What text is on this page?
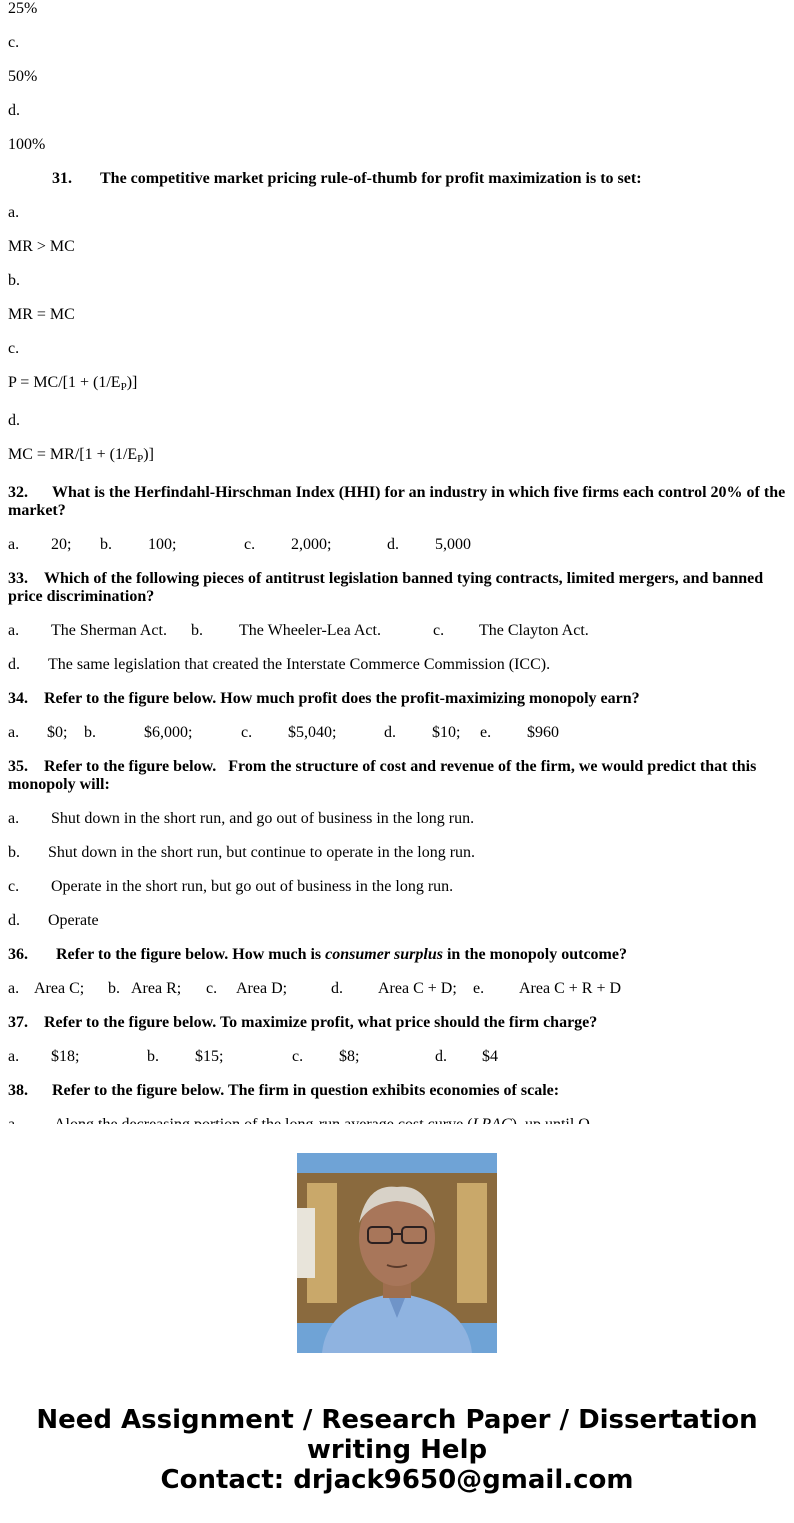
25%
c.
50%
d.
100%
31. The competitive market pricing rule-of-thumb for profit maximization is to set:
a.
MR > MC
b.
MR = MC
c.
$P = MC/[1 + (1/E_P)]$
d.
MC = $MR/[1 + (1/E_P)]$
32. What is the Herfindahl-Hirschman Index (HHI) for an industry in which five firms each control 20% of the market?
a. 20; b. 100;	c. 2,000;	d. 5,000
33. Which of the following pieces of antitrust legislation banned tying contracts, limited mergers, and banned price discrimination?
a. The Sherman Act. b. The Wheeler-Lea Act.	c. The Clayton Act.
d. The same legislation that created the Interstate Commerce Commission (ICC).
34. Refer to the figure below. How much profit does the profit-maximizing monopoly earn?
a. $0; b.	$6,000;	c. $5,040;	d. $10; e. $960
35. Refer to the figure below.   From the structure of cost and revenue of the firm, we would predict that this monopoly will:
a. Shut down in the short run, and go out of business in the long run.
b. Shut down in the short run, but continue to operate in the long run.
c. Operate in the short run, but go out of business in the long run.
d. Operate
36. Refer to the figure below. How much is consumer surplus in the monopoly outcome?
a. Area C; b. Area R; c. Area D;	d. Area C + D; e. Area C + R + D
37. Refer to the figure below. To maximize profit, what price should the firm charge?
a. $18;	b. $15;	c. $8;	d. $4
38. Refer to the figure below. The firm in question exhibits economies of scale:
Need Assignment / Research Paper / Dissertation
writing Help
Contact: drjack9650@gmail.com
